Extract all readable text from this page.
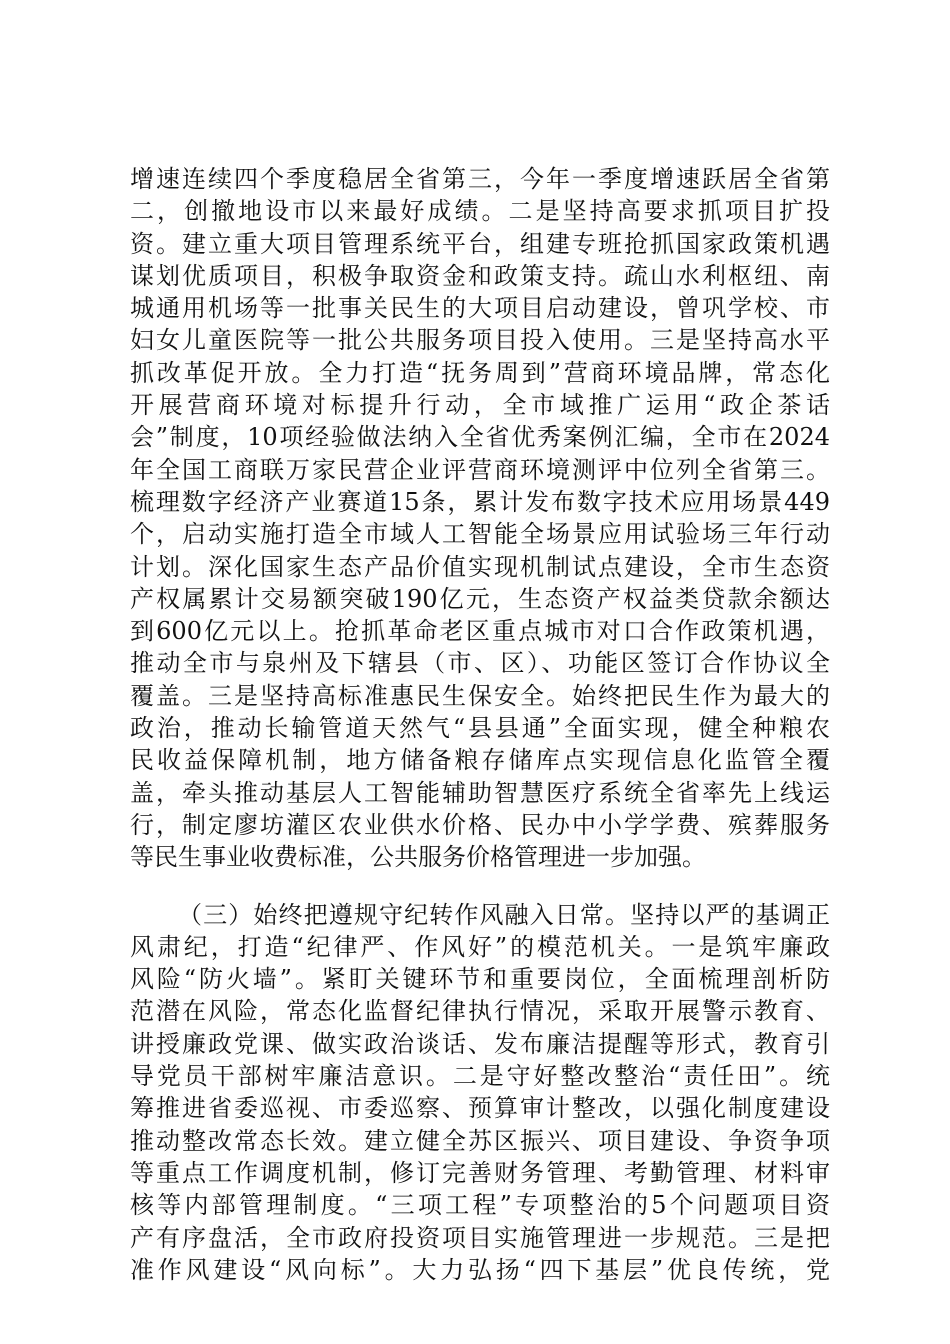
增速连续四个季度稳居全省第三，今年一季度增速跃居全省第
二，创撤地设市以来最好成绩。二是坚持高要求抓项目扩投
资。建立重大项目管理系统平台，组建专班抢抓国家政策机遇
谋划优质项目，积极争取资金和政策支持。疏山水利枢纽、南
城通用机场等一批事关民生的大项目启动建设，曾巩学校、市
妇女儿童医院等一批公共服务项目投入使用。三是坚持高水平
抓改革促开放。全力打造“抚务周到”营商环境品牌，常态化
开展营商环境对标提升行动，全市域推广运用“政企茶话
会”制度，10项经验做法纳入全省优秀案例汇编，全市在2024
年全国工商联万家民营企业评营商环境测评中位列全省第三。
梳理数字经济产业赛道15条，累计发布数字技术应用场景449
个，启动实施打造全市域人工智能全场景应用试验场三年行动
计划。深化国家生态产品价值实现机制试点建设，全市生态资
产权属累计交易额突破190亿元，生态资产权益类贷款余额达
到600亿元以上。抢抓革命老区重点城市对口合作政策机遇，
推动全市与泉州及下辖县（市、区）、功能区签订合作协议全
覆盖。三是坚持高标准惠民生保安全。始终把民生作为最大的
政治，推动长输管道天然气“县县通”全面实现，健全种粮农
民收益保障机制，地方储备粮存储库点实现信息化监管全覆
盖，牵头推动基层人工智能辅助智慧医疗系统全省率先上线运
行，制定廖坊灌区农业供水价格、民办中小学学费、殡葬服务
等民生事业收费标准，公共服务价格管理进一步加强。
（三）始终把遵规守纪转作风融入日常。坚持以严的基调正
风肃纪，打造“纪律严、作风好”的模范机关。一是筑牢廉政
风险“防火墙”。紧盯关键环节和重要岗位，全面梳理剖析防
范潜在风险，常态化监督纪律执行情况，采取开展警示教育、
讲授廉政党课、做实政治谈话、发布廉洁提醒等形式，教育引
导党员干部树牢廉洁意识。二是守好整改整治“责任田”。统
筹推进省委巡视、市委巡察、预算审计整改，以强化制度建设
推动整改常态长效。建立健全苏区振兴、项目建设、争资争项
等重点工作调度机制，修订完善财务管理、考勤管理、材料审
核等内部管理制度。“三项工程”专项整治的5个问题项目资
产有序盘活，全市政府投资项目实施管理进一步规范。三是把
准作风建设“风向标”。大力弘扬“四下基层”优良传统，党
